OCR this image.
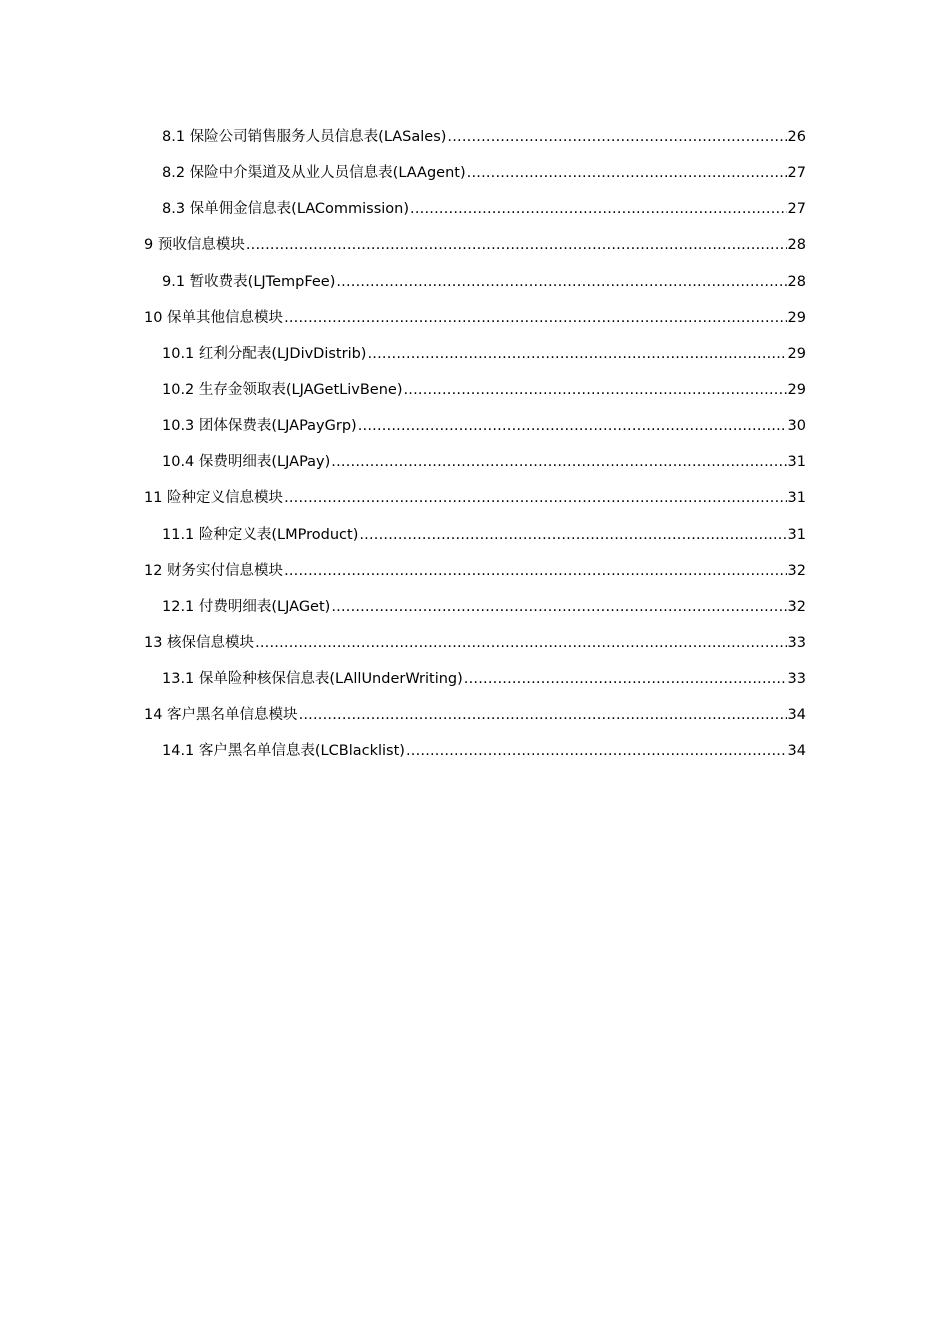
8.1 保险公司销售服务人员信息表(LASales) .....	26
8.2 保险中介渠道及从业人员信息表(LAAgent) .....	27
8.3 保单佣金信息表(LACommission) .....	27
9 预收信息模块 .....	28
9.1 暂收费表(LJTempFee) .....	28
10 保单其他信息模块 .....	29
10.1 红利分配表(LJDivDistrib) .....	29
10.2 生存金领取表(LJAGetLivBene) .....	29
10.3 团体保费表(LJAPayGrp) .....	30
10.4 保费明细表(LJAPay) .....	31
11 险种定义信息模块 .....	31
11.1 险种定义表(LMProduct) .....	31
12 财务实付信息模块 .....	32
12.1 付费明细表(LJAGet) .....	32
13 核保信息模块 .....	33
13.1 保单险种核保信息表(LAllUnderWriting) .....	33
14 客户黑名单信息模块 .....	34
14.1 客户黑名单信息表(LCBlacklist) .....	34
